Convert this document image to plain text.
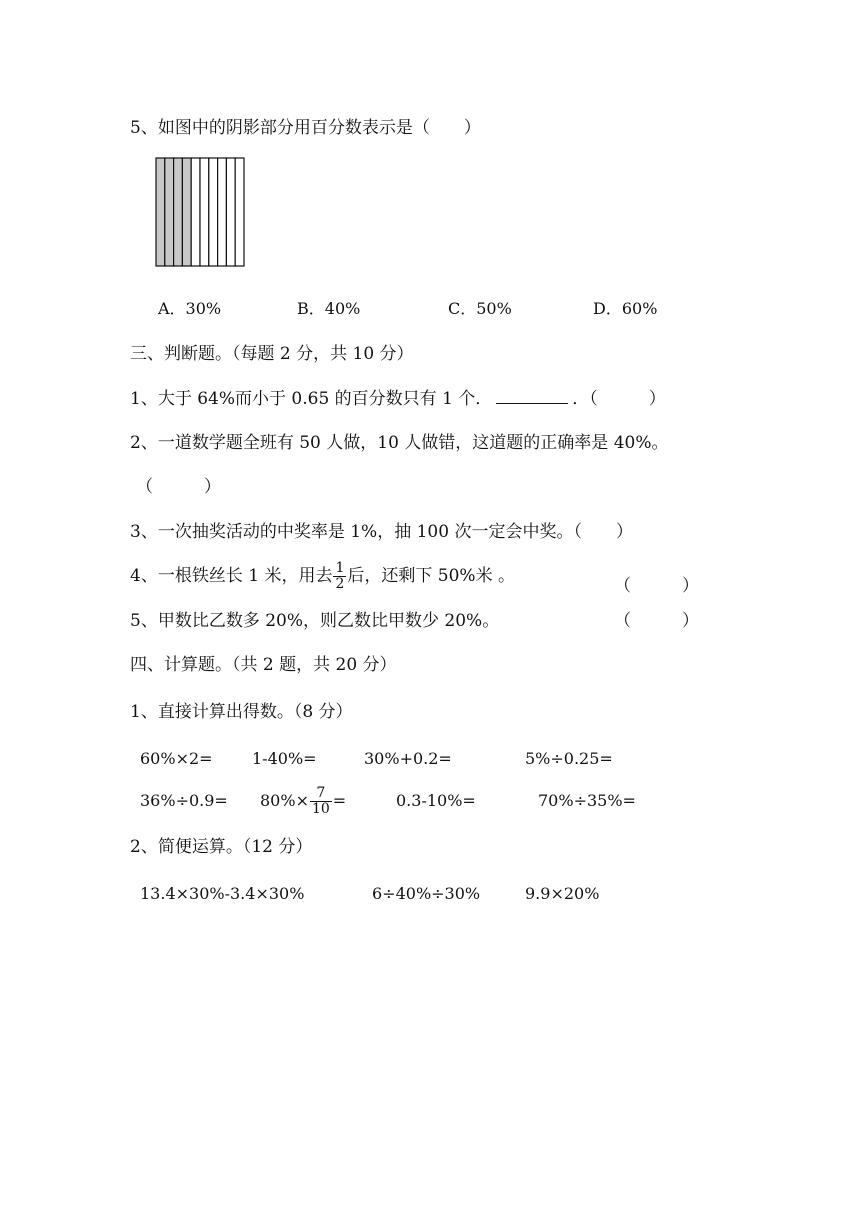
5、如图中的阴影部分用百分数表示是（　　）
A．30%	B．40%	C．50%	D．60%
三、判断题。（每题 2 分，共 10 分）
1、大于 64%而小于 0.65 的百分数只有 1 个．	．（　　　）
2、一道数学题全班有 50 人做，10 人做错，这道题的正确率是 40%。
（　　　）
3、一次抽奖活动的中奖率是 1%，抽 100 次一定会中奖。（　　）
4、一根铁丝长 1 米，用去 $\frac{1}{2}$ 后，还剩下 50%米 。	（　　　）
5、甲数比乙数多 20%，则乙数比甲数少 20%。	（　　　）
四、计算题。（共 2 题，共 20 分）
1、直接计算出得数。（8 分）
60%×2= 1-40%=	30%+0.2=	5%÷0.25=
$36\%\div 0.9= 80\%\times \frac{7}{10}$ =	0.3-10%=	70%÷35%=
2、简便运算。（12 分）
13.4×30%-3.4×30%	6÷40%÷30%	9.9×20%
